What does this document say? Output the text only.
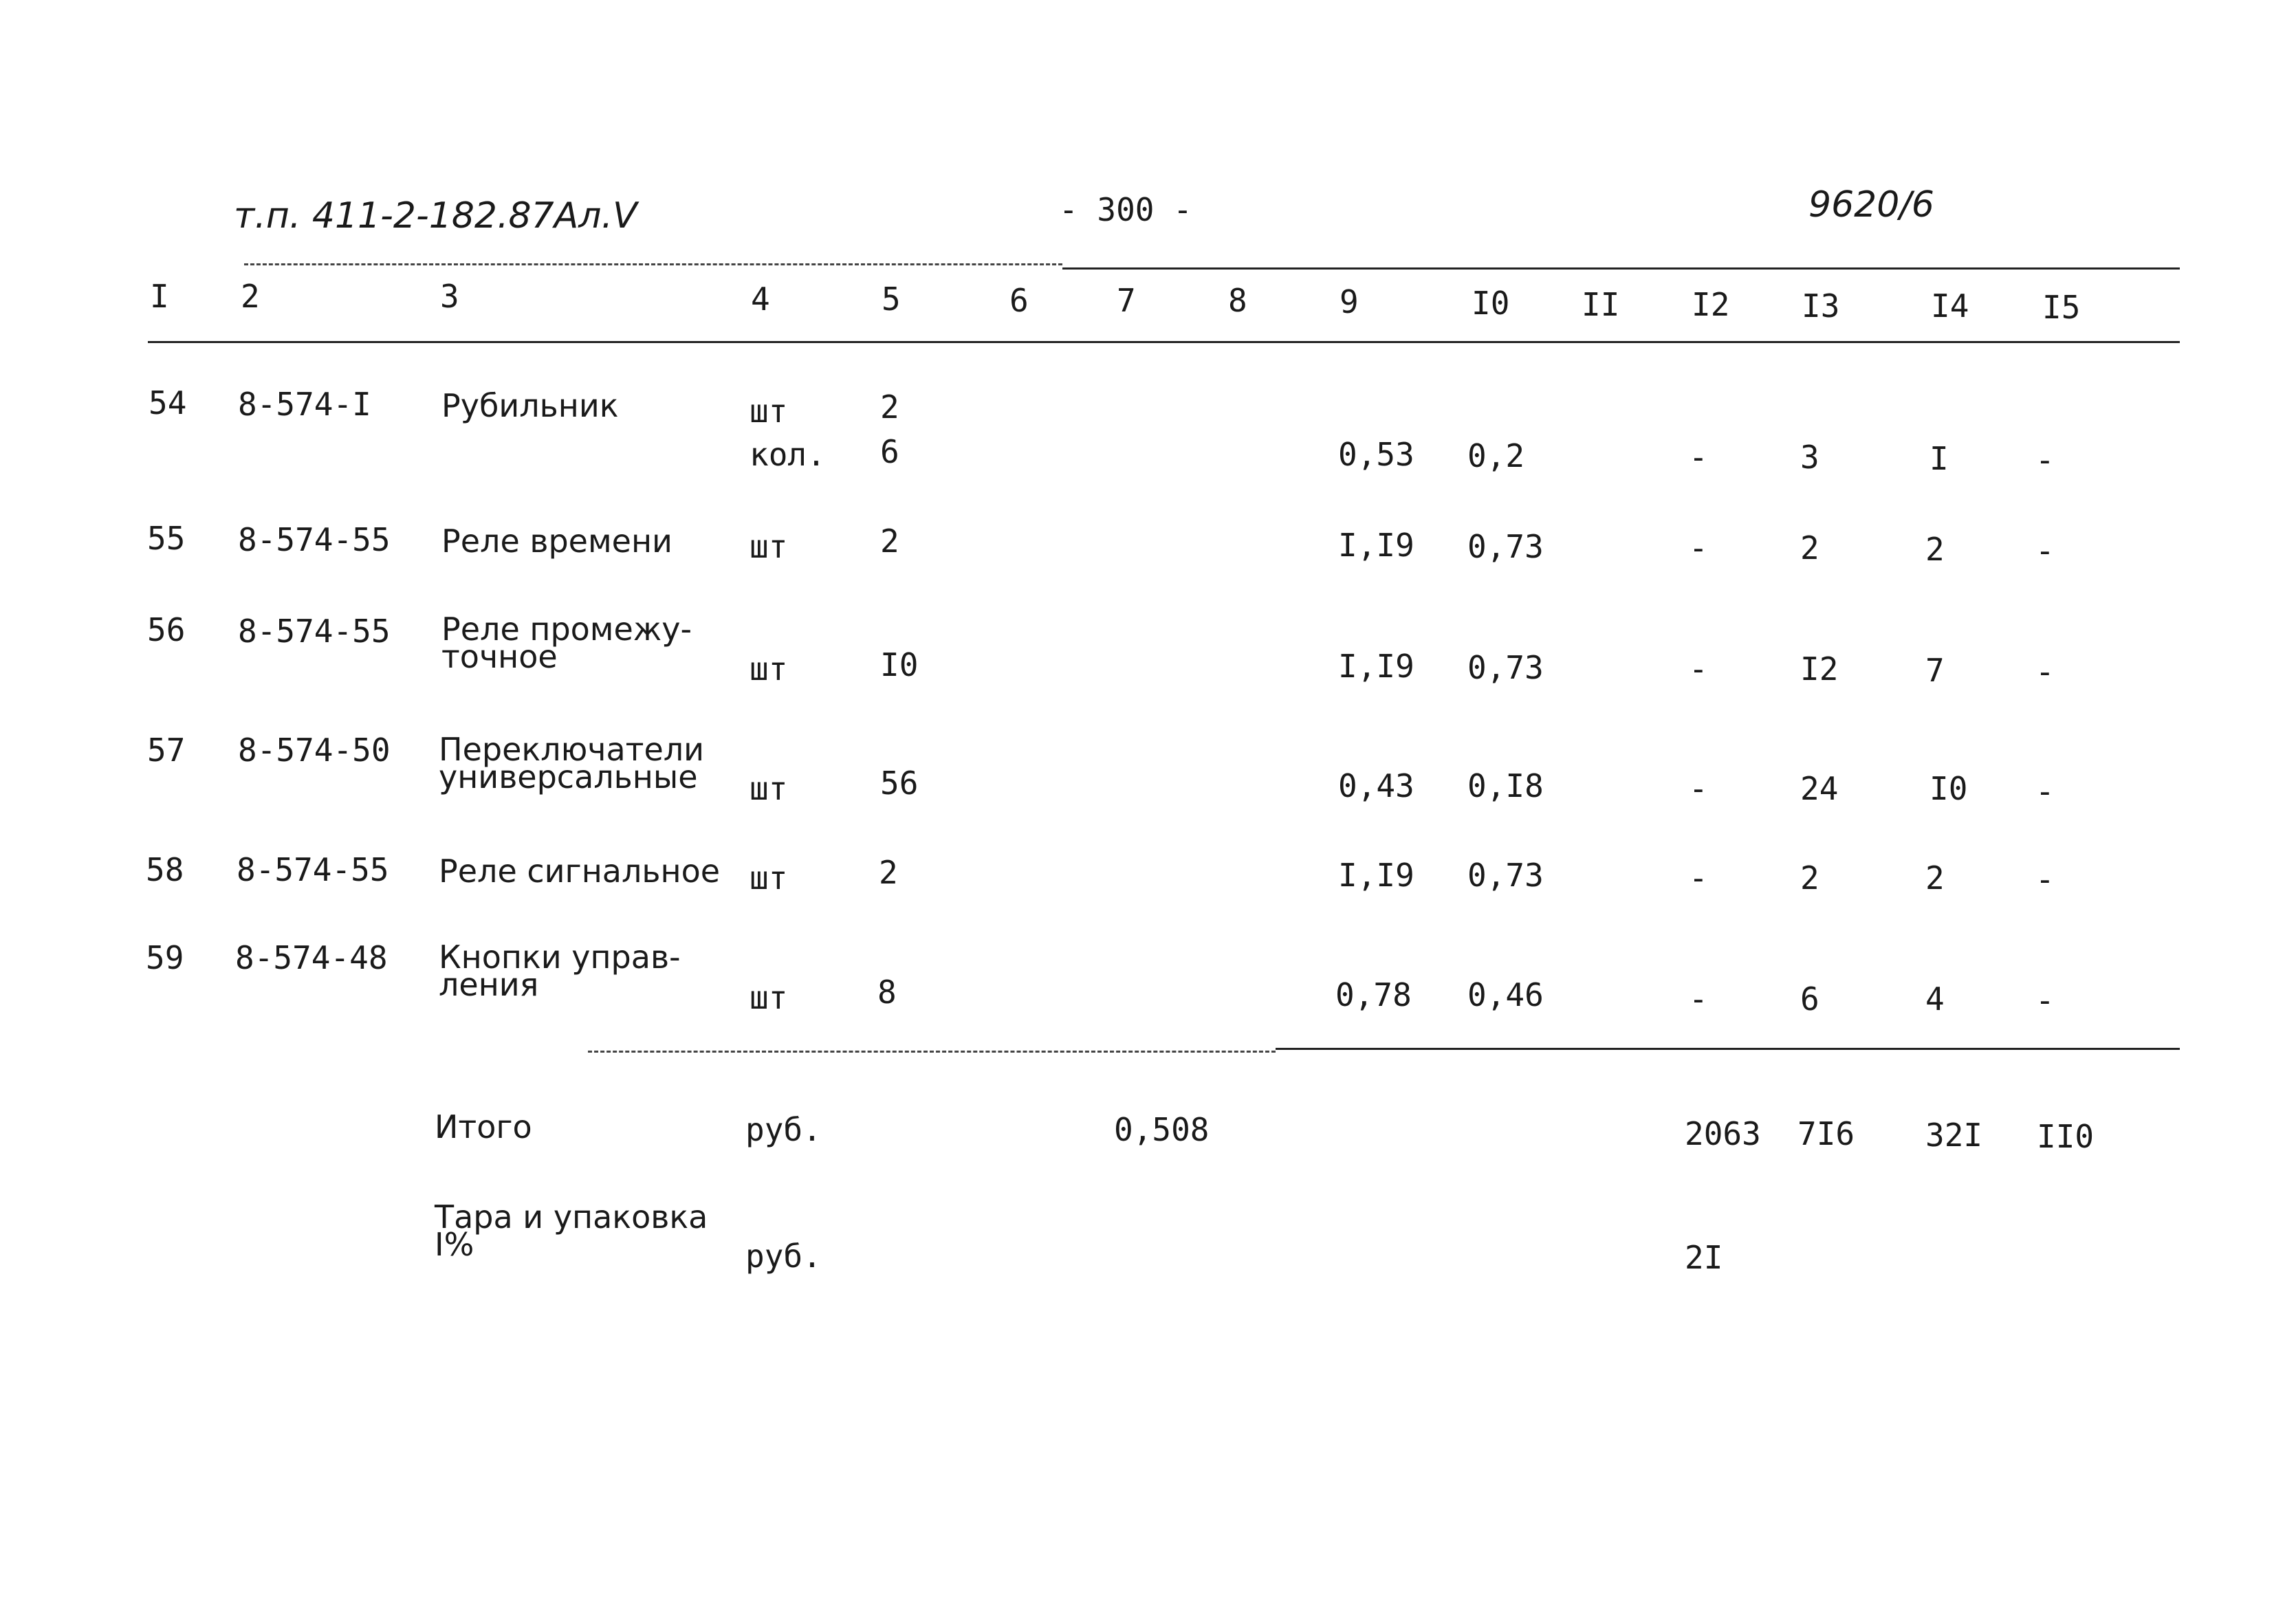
т.п. 411-2-182.87Ал.V	- 300 -	9620/6
I 2	3	4	5	6	7	8	9	I0 II I2 I3	I4 I5
54 8-574-I Рубильник	шт	2
кол. 6	0,53 0,2	-	3	I	-
55 8-574-55 Реле времени шт	2	I,I9 0,73	-	2	2	-
56 8-574-55 Реле промежу-
точное	шт	I0	I,I9 0,73	-	I2	7	-
57 8-574-50 Переключатели
универсальные шт	56	0,43 0,I8	-	24	I0 -
58 8-574-55 Реле сигнальное шт	2	I,I9 0,73	-	2	2	-
59 8-574-48 Кнопки управ-
ления	шт	8	0,78 0,46	-	6	4	-
Итого	руб.	0,508	2063 7I6 32I II0
Тара и упаковка
I%	руб.	2I
